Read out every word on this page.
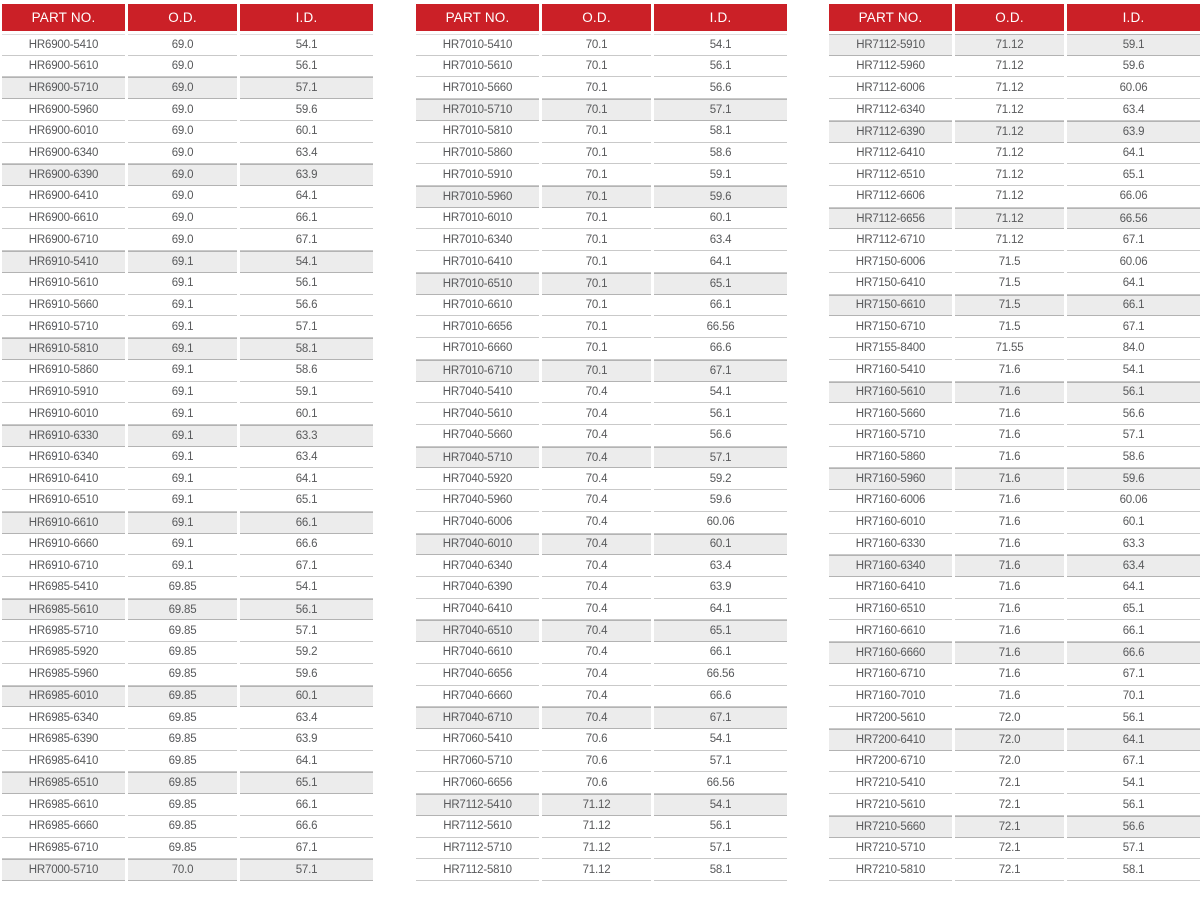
PART NO.	O.D.	I.D.
HR6900-5410	69.0	54.1
HR6900-5610	69.0	56.1
HR6900-5710	69.0	57.1
HR6900-5960	69.0	59.6
HR6900-6010	69.0	60.1
HR6900-6340	69.0	63.4
HR6900-6390	69.0	63.9
HR6900-6410	69.0	64.1
HR6900-6610	69.0	66.1
HR6900-6710	69.0	67.1
HR6910-5410	69.1	54.1
HR6910-5610	69.1	56.1
HR6910-5660	69.1	56.6
HR6910-5710	69.1	57.1
HR6910-5810	69.1	58.1
HR6910-5860	69.1	58.6
HR6910-5910	69.1	59.1
HR6910-6010	69.1	60.1
HR6910-6330	69.1	63.3
HR6910-6340	69.1	63.4
HR6910-6410	69.1	64.1
HR6910-6510	69.1	65.1
HR6910-6610	69.1	66.1
HR6910-6660	69.1	66.6
HR6910-6710	69.1	67.1
HR6985-5410	69.85	54.1
HR6985-5610	69.85	56.1
HR6985-5710	69.85	57.1
HR6985-5920	69.85	59.2
HR6985-5960	69.85	59.6
HR6985-6010	69.85	60.1
HR6985-6340	69.85	63.4
HR6985-6390	69.85	63.9
HR6985-6410	69.85	64.1
HR6985-6510	69.85	65.1
HR6985-6610	69.85	66.1
HR6985-6660	69.85	66.6
HR6985-6710	69.85	67.1
HR7000-5710	70.0	57.1
PART NO.	O.D.	I.D.
HR7010-5410	70.1	54.1
HR7010-5610	70.1	56.1
HR7010-5660	70.1	56.6
HR7010-5710	70.1	57.1
HR7010-5810	70.1	58.1
HR7010-5860	70.1	58.6
HR7010-5910	70.1	59.1
HR7010-5960	70.1	59.6
HR7010-6010	70.1	60.1
HR7010-6340	70.1	63.4
HR7010-6410	70.1	64.1
HR7010-6510	70.1	65.1
HR7010-6610	70.1	66.1
HR7010-6656	70.1	66.56
HR7010-6660	70.1	66.6
HR7010-6710	70.1	67.1
HR7040-5410	70.4	54.1
HR7040-5610	70.4	56.1
HR7040-5660	70.4	56.6
HR7040-5710	70.4	57.1
HR7040-5920	70.4	59.2
HR7040-5960	70.4	59.6
HR7040-6006	70.4	60.06
HR7040-6010	70.4	60.1
HR7040-6340	70.4	63.4
HR7040-6390	70.4	63.9
HR7040-6410	70.4	64.1
HR7040-6510	70.4	65.1
HR7040-6610	70.4	66.1
HR7040-6656	70.4	66.56
HR7040-6660	70.4	66.6
HR7040-6710	70.4	67.1
HR7060-5410	70.6	54.1
HR7060-5710	70.6	57.1
HR7060-6656	70.6	66.56
HR7112-5410	71.12	54.1
HR7112-5610	71.12	56.1
HR7112-5710	71.12	57.1
HR7112-5810	71.12	58.1
PART NO.	O.D.	I.D.
HR7112-5910	71.12	59.1
HR7112-5960	71.12	59.6
HR7112-6006	71.12	60.06
HR7112-6340	71.12	63.4
HR7112-6390	71.12	63.9
HR7112-6410	71.12	64.1
HR7112-6510	71.12	65.1
HR7112-6606	71.12	66.06
HR7112-6656	71.12	66.56
HR7112-6710	71.12	67.1
HR7150-6006	71.5	60.06
HR7150-6410	71.5	64.1
HR7150-6610	71.5	66.1
HR7150-6710	71.5	67.1
HR7155-8400	71.55	84.0
HR7160-5410	71.6	54.1
HR7160-5610	71.6	56.1
HR7160-5660	71.6	56.6
HR7160-5710	71.6	57.1
HR7160-5860	71.6	58.6
HR7160-5960	71.6	59.6
HR7160-6006	71.6	60.06
HR7160-6010	71.6	60.1
HR7160-6330	71.6	63.3
HR7160-6340	71.6	63.4
HR7160-6410	71.6	64.1
HR7160-6510	71.6	65.1
HR7160-6610	71.6	66.1
HR7160-6660	71.6	66.6
HR7160-6710	71.6	67.1
HR7160-7010	71.6	70.1
HR7200-5610	72.0	56.1
HR7200-6410	72.0	64.1
HR7200-6710	72.0	67.1
HR7210-5410	72.1	54.1
HR7210-5610	72.1	56.1
HR7210-5660	72.1	56.6
HR7210-5710	72.1	57.1
HR7210-5810	72.1	58.1
